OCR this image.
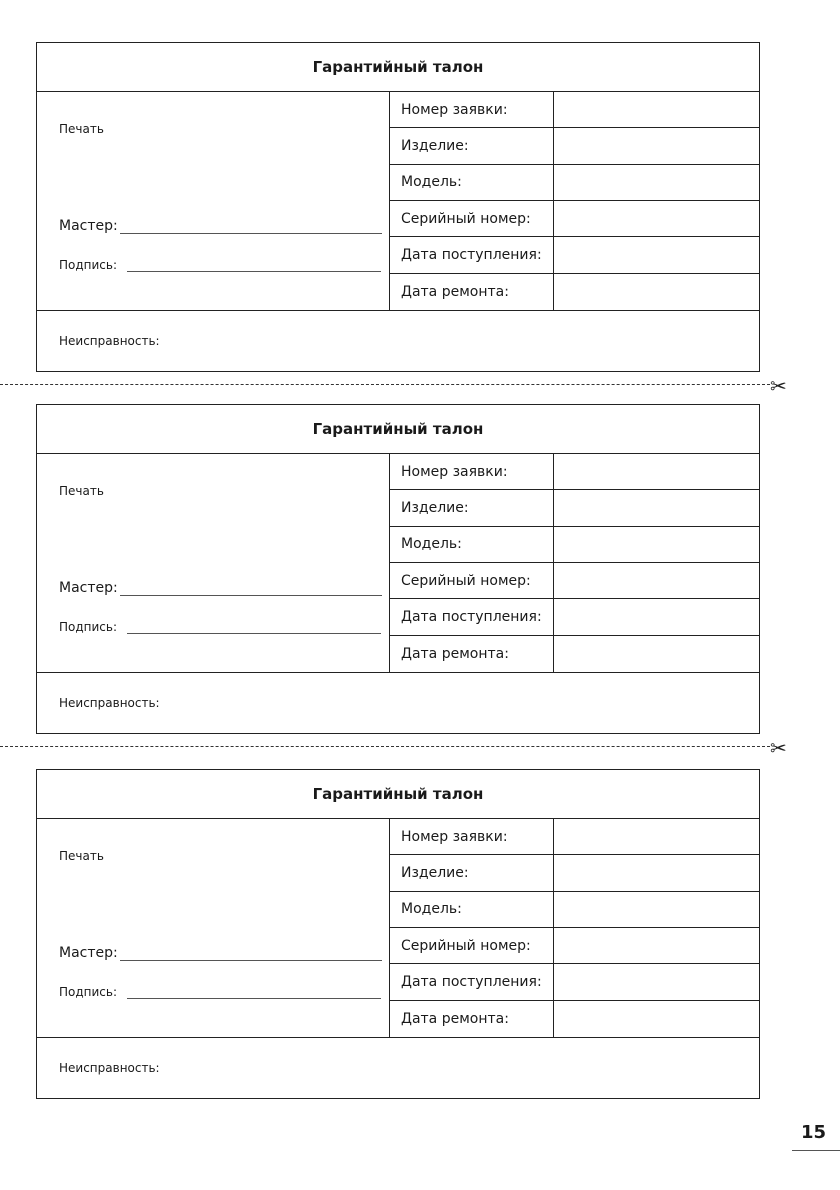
Гарантийный талон
Печать
Мастер:
Подпись:
Номер заявки:
Изделие:
Модель:
Серийный номер:
Дата поступления:
Дата ремонта:
Неисправность:
✂
Гарантийный талон
Печать
Мастер:
Подпись:
Номер заявки:
Изделие:
Модель:
Серийный номер:
Дата поступления:
Дата ремонта:
Неисправность:
✂
Гарантийный талон
Печать
Мастер:
Подпись:
Номер заявки:
Изделие:
Модель:
Серийный номер:
Дата поступления:
Дата ремонта:
Неисправность:
15
